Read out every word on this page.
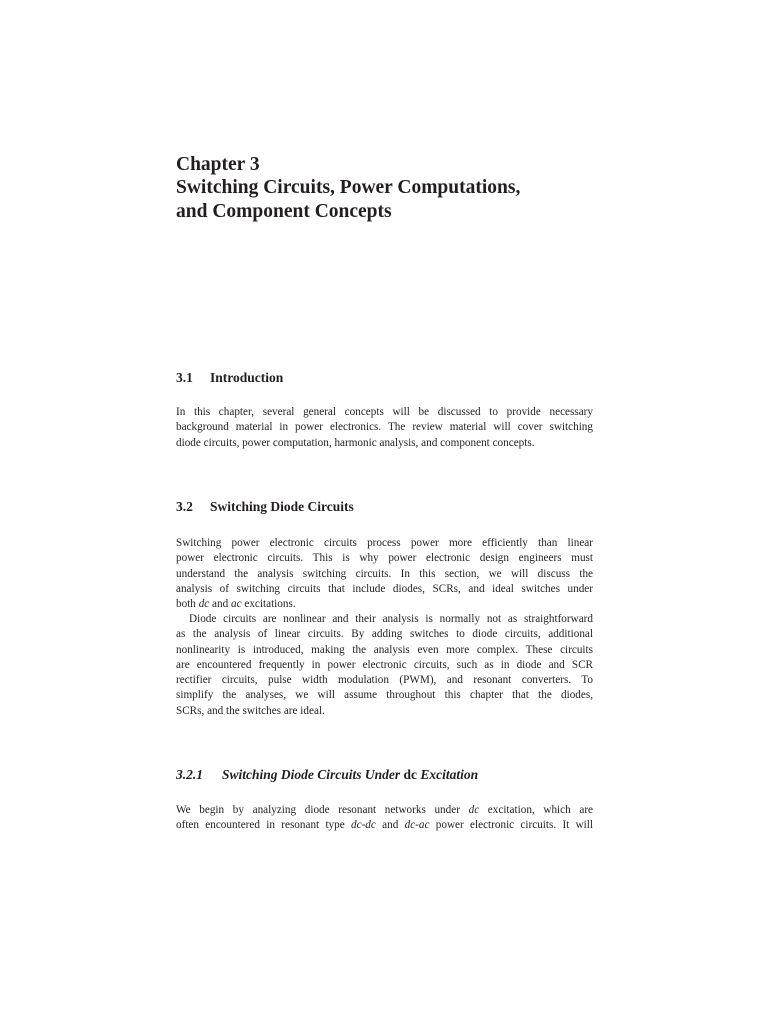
Chapter 3
Switching Circuits, Power Computations,
and Component Concepts
3.1 Introduction
In this chapter, several general concepts will be discussed to provide necessary
background material in power electronics. The review material will cover switching
diode circuits, power computation, harmonic analysis, and component concepts.
3.2 Switching Diode Circuits
Switching power electronic circuits process power more efficiently than linear
power electronic circuits. This is why power electronic design engineers must
understand the analysis switching circuits. In this section, we will discuss the
analysis of switching circuits that include diodes, SCRs, and ideal switches under
both dc and ac excitations.
Diode circuits are nonlinear and their analysis is normally not as straightforward
as the analysis of linear circuits. By adding switches to diode circuits, additional
nonlinearity is introduced, making the analysis even more complex. These circuits
are encountered frequently in power electronic circuits, such as in diode and SCR
rectifier circuits, pulse width modulation (PWM), and resonant converters. To
simplify the analyses, we will assume throughout this chapter that the diodes,
SCRs, and the switches are ideal.
3.2.1 Switching Diode Circuits Under dc Excitation
We begin by analyzing diode resonant networks under dc excitation, which are
often encountered in resonant type dc-dc and dc-ac power electronic circuits. It will
